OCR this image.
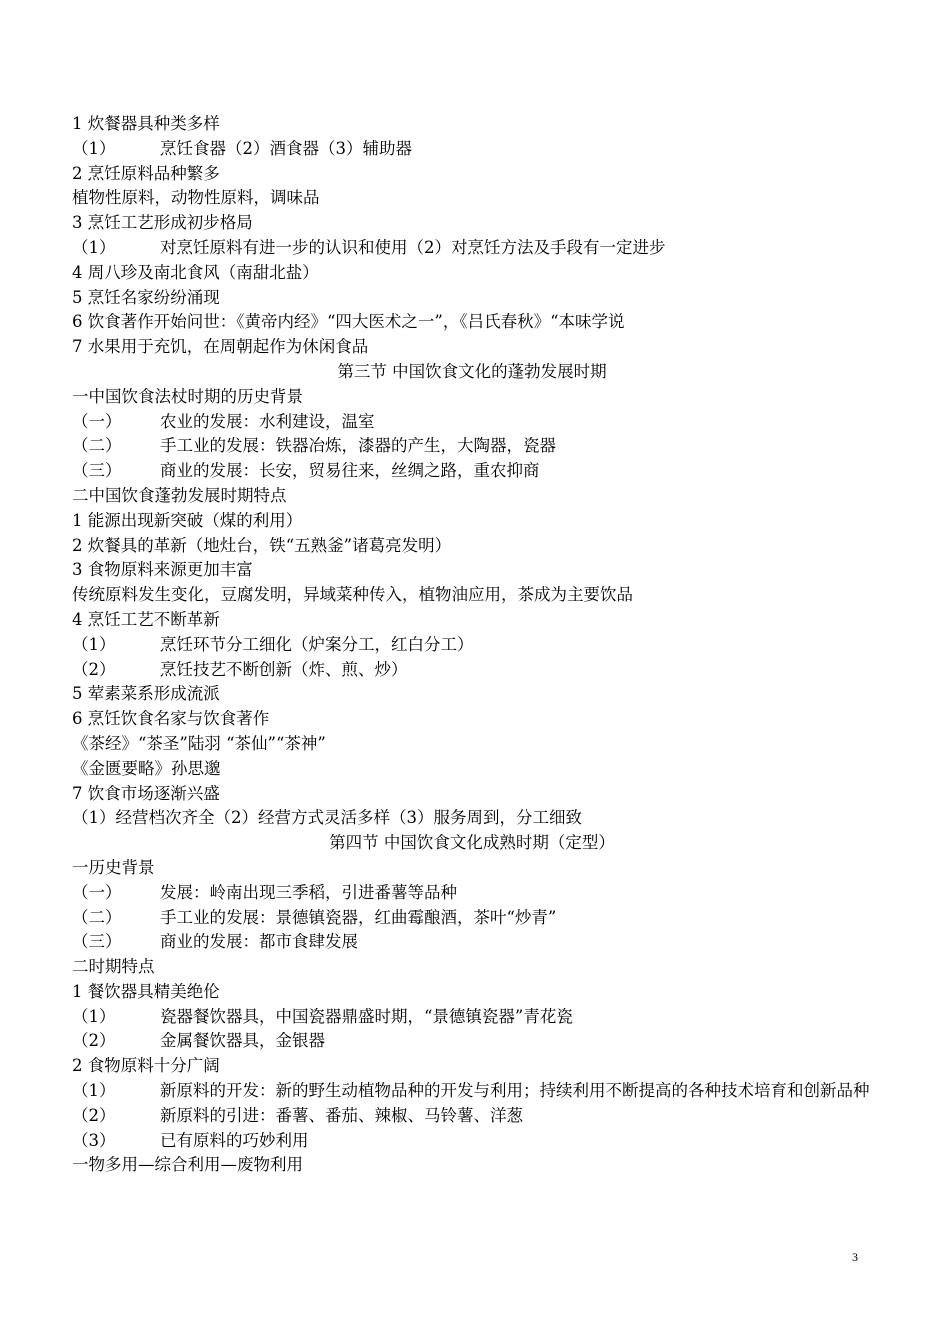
1 炊餐器具种类多样
（1）	烹饪食器（2）酒食器（3）辅助器
2 烹饪原料品种繁多
植物性原料，动物性原料，调味品
3 烹饪工艺形成初步格局
（1）	对烹饪原料有进一步的认识和使用（2）对烹饪方法及手段有一定进步
4 周八珍及南北食风（南甜北盐）
5 烹饪名家纷纷涌现
6 饮食著作开始问世：《黄帝内经》“四大医术之一”，《吕氏春秋》“本味学说
7 水果用于充饥，在周朝起作为休闲食品
第三节 中国饮食文化的蓬勃发展时期
一中国饮食法杖时期的历史背景
（一）	农业的发展：水利建设，温室
（二）	手工业的发展：铁器冶炼，漆器的产生，大陶器，瓷器
（三）	商业的发展：长安，贸易往来，丝绸之路，重农抑商
二中国饮食蓬勃发展时期特点
1 能源出现新突破（煤的利用）
2 炊餐具的革新（地灶台，铁“五熟釜”诸葛亮发明）
3 食物原料来源更加丰富
传统原料发生变化，豆腐发明，异域菜种传入，植物油应用，茶成为主要饮品
4 烹饪工艺不断革新
（1）	烹饪环节分工细化（炉案分工，红白分工）
（2）	烹饪技艺不断创新（炸、煎、炒）
5 荤素菜系形成流派
6 烹饪饮食名家与饮食著作
《茶经》“茶圣”陆羽 “茶仙”“茶神”
《金匮要略》孙思邈
7 饮食市场逐渐兴盛
（1）经营档次齐全（2）经营方式灵活多样（3）服务周到，分工细致
第四节 中国饮食文化成熟时期（定型）
一历史背景
（一）	发展：岭南出现三季稻，引进番薯等品种
（二）	手工业的发展：景德镇瓷器，红曲霉酿酒，茶叶“炒青”
（三）	商业的发展：都市食肆发展
二时期特点
1 餐饮器具精美绝伦
（1）	瓷器餐饮器具，中国瓷器鼎盛时期，“景德镇瓷器”青花瓷
（2）	金属餐饮器具，金银器
2 食物原料十分广阔
（1）	新原料的开发：新的野生动植物品种的开发与利用；持续利用不断提高的各种技术培育和创新品种
（2）	新原料的引进：番薯、番茄、辣椒、马铃薯、洋葱
（3）	已有原料的巧妙利用
一物多用—综合利用—废物利用
3
